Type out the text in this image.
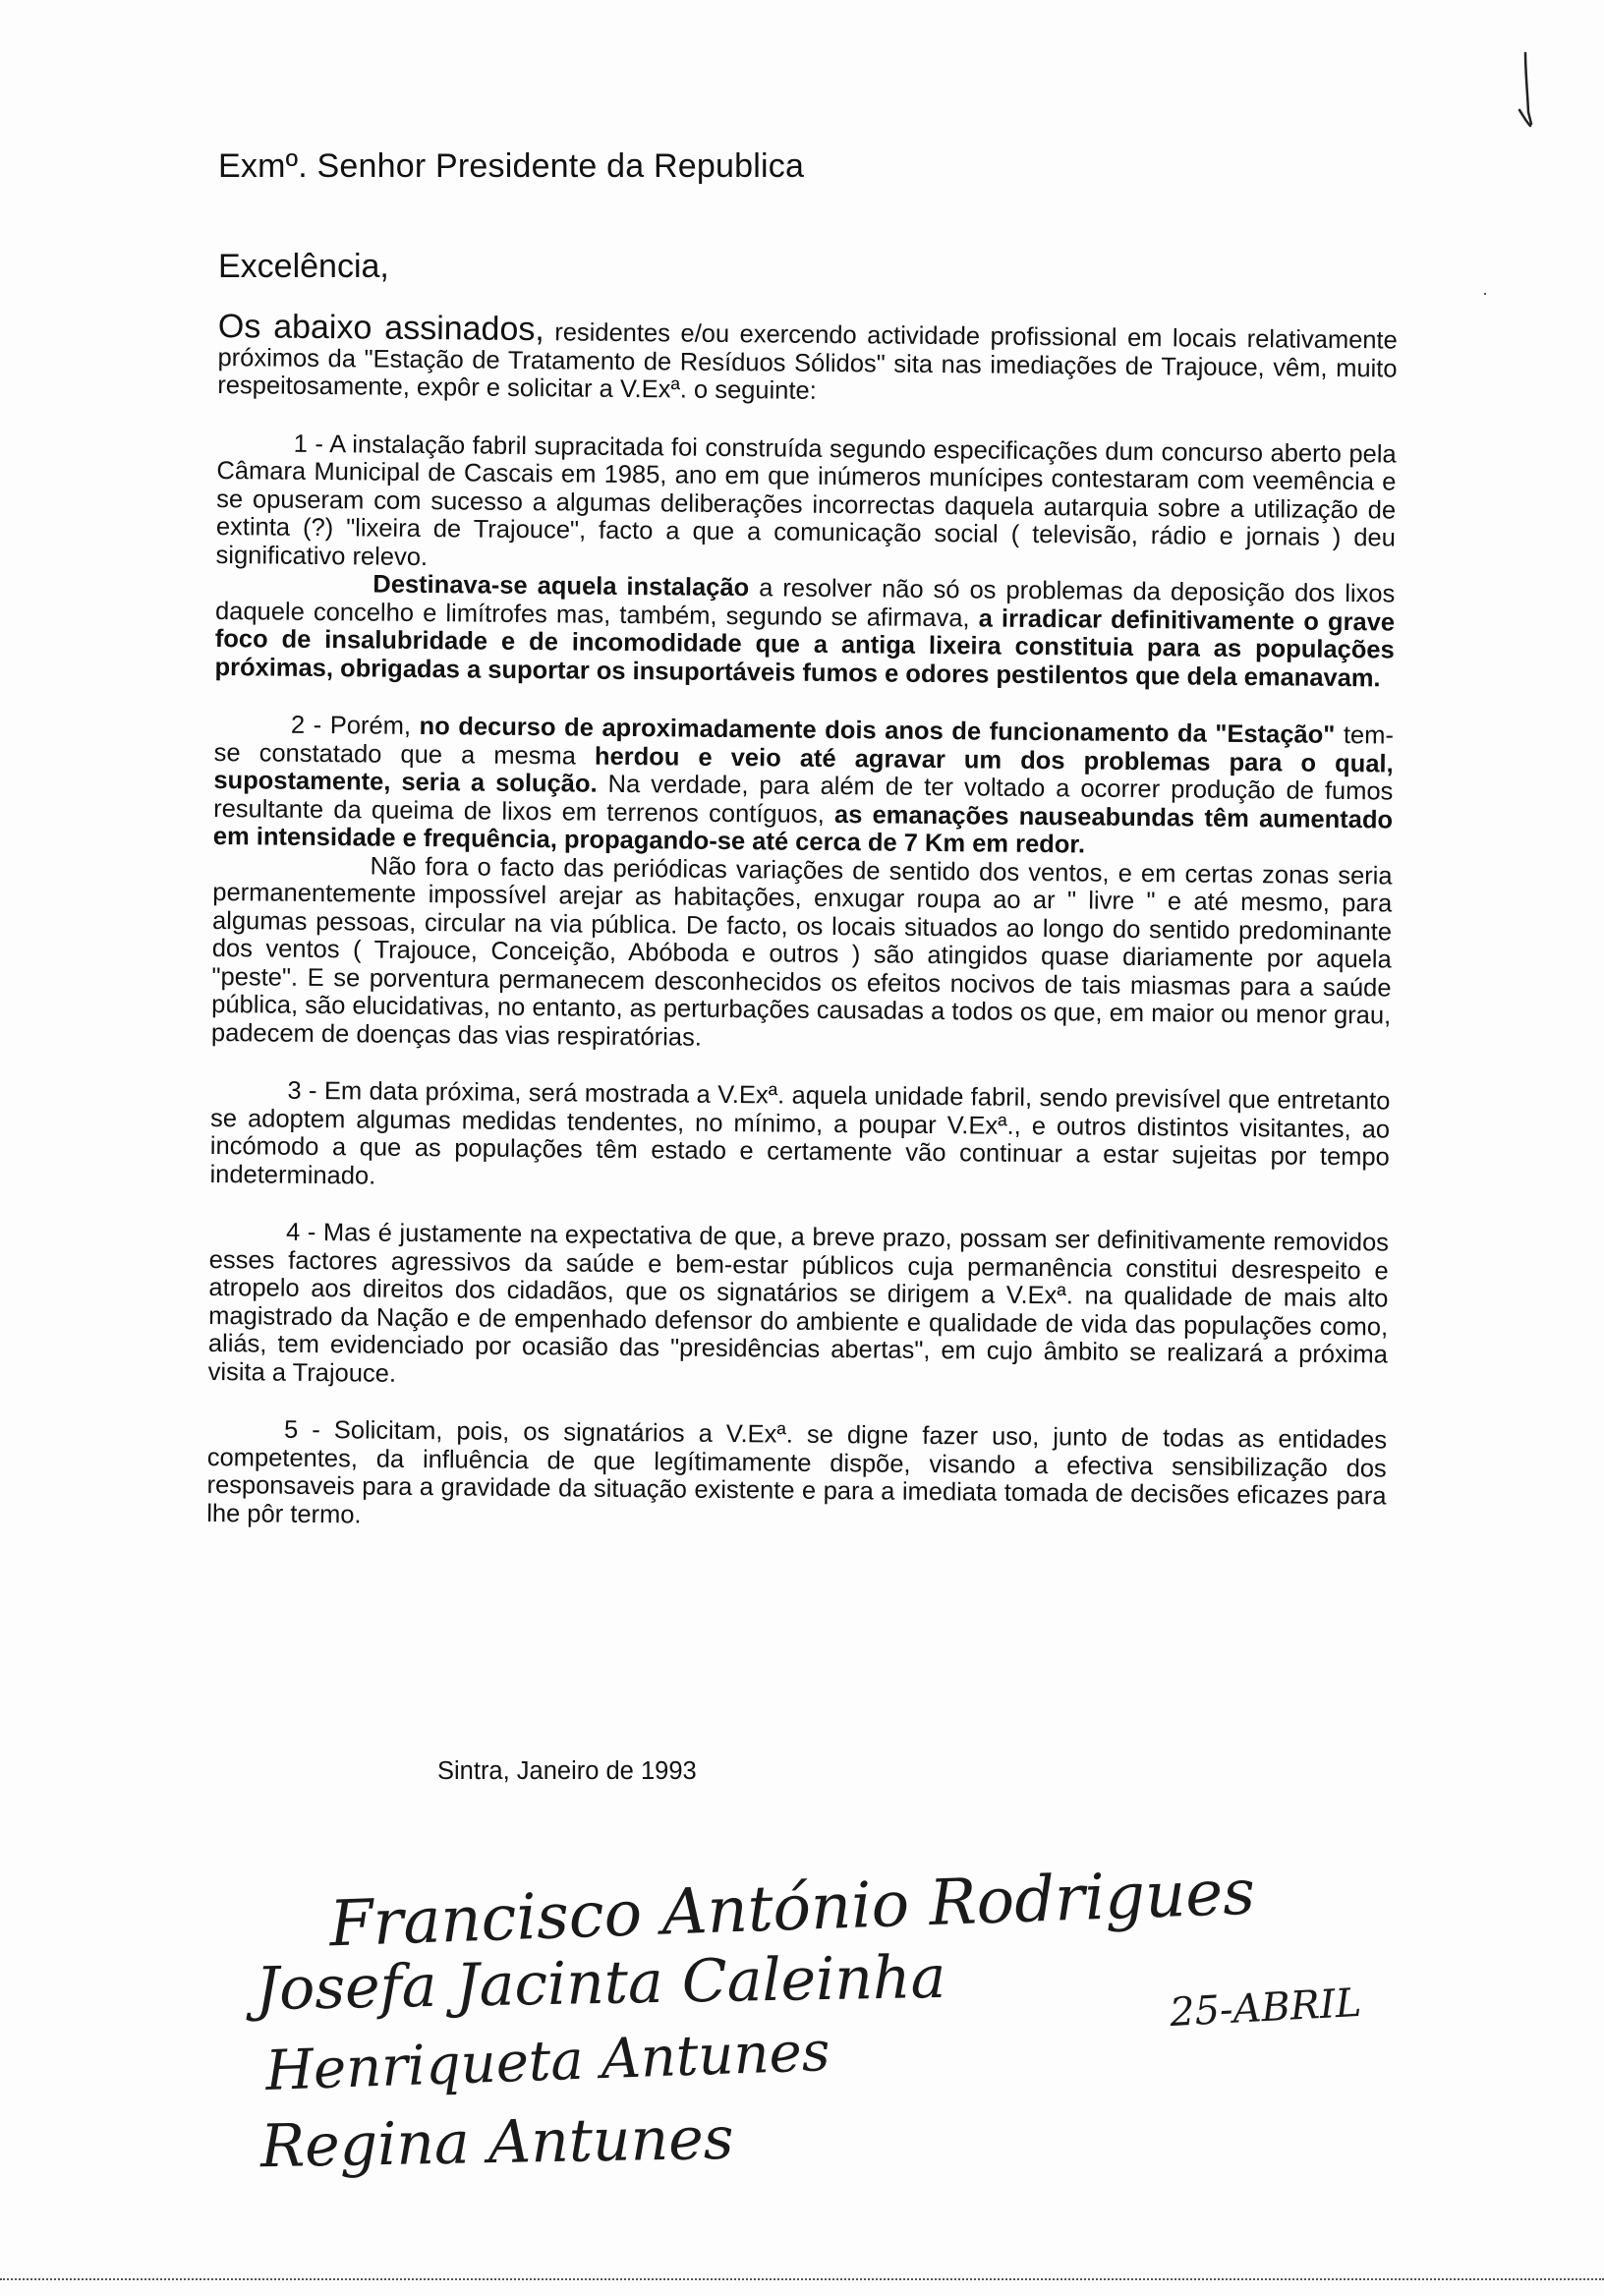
·
Exmº. Senhor Presidente da Republica
Excelência,

Os abaixo assinados, residentes e/ou exercendo actividade profissional em locais relativamente próximos da "Estação de Tratamento de Resíduos Sólidos" sita nas imediações de Trajouce, vêm, muito respeitosamente, expôr e solicitar a V.Exª. o seguinte:

1 - A instalação fabril supracitada foi construída segundo especificações dum concurso aberto pela Câmara Municipal de Cascais em 1985, ano em que inúmeros munícipes contestaram com veemência e se opuseram com sucesso a algumas deliberações incorrectas daquela autarquia sobre a utilização de extinta (?) "lixeira de Trajouce", facto a que a comunicação social ( televisão, rádio e jornais ) deu significativo relevo.

Destinava-se aquela instalação a resolver não só os problemas da deposição dos lixos daquele concelho e limítrofes mas, também, segundo se afirmava, a irradicar definitivamente o grave foco de insalubridade e de incomodidade que a antiga lixeira constituia para as populações próximas, obrigadas a suportar os insuportáveis fumos e odores pestilentos que dela emanavam.

2 - Porém, no decurso de aproximadamente dois anos de funcionamento da "Estação" tem-se constatado que a mesma herdou e veio até agravar um dos problemas para o qual, supostamente, seria a solução. Na verdade, para além de ter voltado a ocorrer produção de fumos resultante da queima de lixos em terrenos contíguos, as emanações nauseabundas têm aumentado em intensidade e frequência, propagando-se até cerca de 7 Km em redor.

Não fora o facto das periódicas variações de sentido dos ventos, e em certas zonas seria permanentemente impossível arejar as habitações, enxugar roupa ao ar " livre " e até mesmo, para algumas pessoas, circular na via pública. De facto, os locais situados ao longo do sentido predominante dos ventos ( Trajouce, Conceição, Abóboda e outros ) são atingidos quase diariamente por aquela "peste". E se porventura permanecem desconhecidos os efeitos nocivos de tais miasmas para a saúde pública, são elucidativas, no entanto, as perturbações causadas a todos os que, em maior ou menor grau, padecem de doenças das vias respiratórias.

3 - Em data próxima, será mostrada a V.Exª. aquela unidade fabril, sendo previsível que entretanto se adoptem algumas medidas tendentes, no mínimo, a poupar V.Exª., e outros distintos visitantes, ao incómodo a que as populações têm estado e certamente vão continuar a estar sujeitas por tempo indeterminado.

4 - Mas é justamente na expectativa de que, a breve prazo, possam ser definitivamente removidos esses factores agressivos da saúde e bem-estar públicos cuja permanência constitui desrespeito e atropelo aos direitos dos cidadãos, que os signatários se dirigem a V.Exª. na qualidade de mais alto magistrado da Nação e de empenhado defensor do ambiente e qualidade de vida das populações como, aliás, tem evidenciado por ocasião das "presidências abertas", em cujo âmbito se realizará a próxima visita a Trajouce.

5 - Solicitam, pois, os signatários a V.Exª. se digne fazer uso, junto de todas as entidades competentes, da influência de que legítimamente dispõe, visando a efectiva sensibilização dos responsaveis para a gravidade da situação existente e para a imediata tomada de decisões eficazes para lhe pôr termo.

Sintra, Janeiro de 1993
Francisco António Rodrigues
Josefa Jacinta Caleinha	25-ABRIL
Henriqueta Antunes
Regina Antunes
